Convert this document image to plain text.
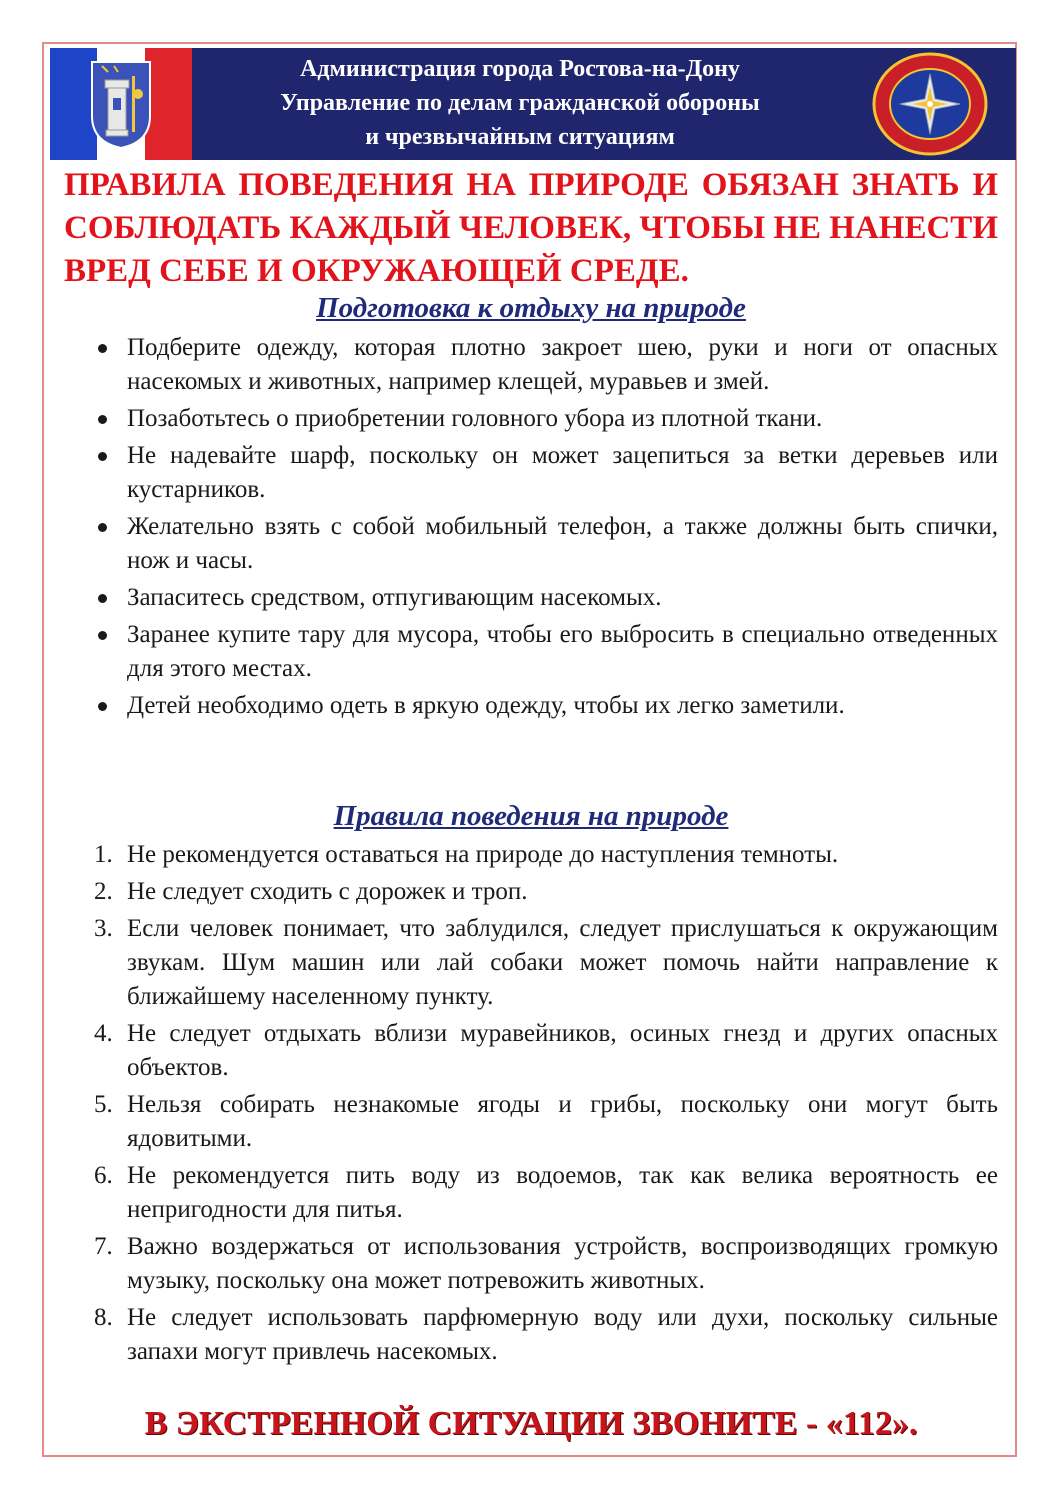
Администрация города Ростова-на-Дону
Управление по делам гражданской обороны
и чрезвычайным ситуациям
ПРАВИЛА ПОВЕДЕНИЯ НА ПРИРОДЕ ОБЯЗАН ЗНАТЬ И СОБЛЮДАТЬ КАЖДЫЙ ЧЕЛОВЕК, ЧТОБЫ НЕ НАНЕСТИ ВРЕД СЕБЕ И ОКРУЖАЮЩЕЙ СРЕДЕ.
Подготовка к отдыху на природе
Подберите одежду, которая плотно закроет шею, руки и ноги от опасных насекомых и животных, например клещей, муравьев и змей.
Позаботьтесь о приобретении головного убора из плотной ткани.
Не надевайте шарф, поскольку он может зацепиться за ветки деревьев или кустарников.
Желательно взять с собой мобильный телефон, а также должны быть спички, нож и часы.
Запаситесь средством, отпугивающим насекомых.
Заранее купите тару для мусора, чтобы его выбросить в специально отведенных для этого местах.
Детей необходимо одеть в яркую одежду, чтобы их легко заметили.
Правила поведения на природе
1. Не рекомендуется оставаться на природе до наступления темноты.
2. Не следует сходить с дорожек и троп.
3. Если человек понимает, что заблудился, следует прислушаться к окружающим звукам. Шум машин или лай собаки может помочь найти направление к ближайшему населенному пункту.
4. Не следует отдыхать вблизи муравейников, осиных гнезд и других опасных объектов.
5. Нельзя собирать незнакомые ягоды и грибы, поскольку они могут быть ядовитыми.
6. Не рекомендуется пить воду из водоемов, так как велика вероятность ее непригодности для питья.
7. Важно воздержаться от использования устройств, воспроизводящих громкую музыку, поскольку она может потревожить животных.
8. Не следует использовать парфюмерную воду или духи, поскольку сильные запахи могут привлечь насекомых.
В ЭКСТРЕННОЙ СИТУАЦИИ ЗВОНИТЕ - «112».
